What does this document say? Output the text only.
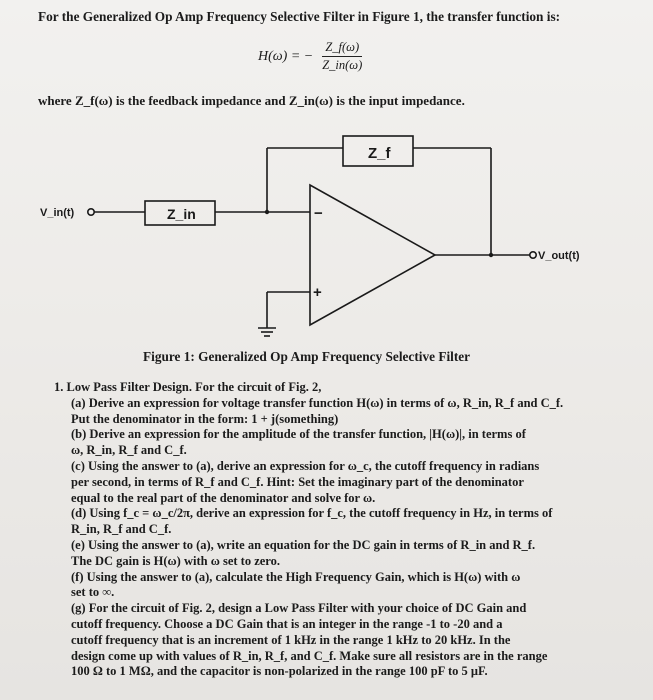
For the Generalized Op Amp Frequency Selective Filter in Figure 1, the transfer function is:
H(ω) = − $\frac{Z\_f(\omega)}{Z\_in(\omega)}$
where Z_f(ω) is the feedback impedance and Z_in(ω) is the input impedance.
Z_f
Z_in
V_in(t)
V_out(t)
−
+
Figure 1: Generalized Op Amp Frequency Selective Filter
1. Low Pass Filter Design. For the circuit of Fig. 2,
(a) Derive an expression for voltage transfer function H(ω) in terms of ω, R_in, R_f and C_f.
Put the denominator in the form: 1 + j(something)
(b) Derive an expression for the amplitude of the transfer function, |H(ω)|, in terms of
ω, R_in, R_f and C_f.
(c) Using the answer to (a), derive an expression for ω_c, the cutoff frequency in radians
per second, in terms of R_f and C_f. Hint: Set the imaginary part of the denominator
equal to the real part of the denominator and solve for ω.
(d) Using f_c = ω_c/2π, derive an expression for f_c, the cutoff frequency in Hz, in terms of
R_in, R_f and C_f.
(e) Using the answer to (a), write an equation for the DC gain in terms of R_in and R_f.
The DC gain is H(ω) with ω set to zero.
(f) Using the answer to (a), calculate the High Frequency Gain, which is H(ω) with ω
set to ∞.
(g) For the circuit of Fig. 2, design a Low Pass Filter with your choice of DC Gain and
cutoff frequency. Choose a DC Gain that is an integer in the range -1 to -20 and a
cutoff frequency that is an increment of 1 kHz in the range 1 kHz to 20 kHz. In the
design come up with values of R_in, R_f, and C_f. Make sure all resistors are in the range
100 Ω to 1 MΩ, and the capacitor is non-polarized in the range 100 pF to 5 μF.
